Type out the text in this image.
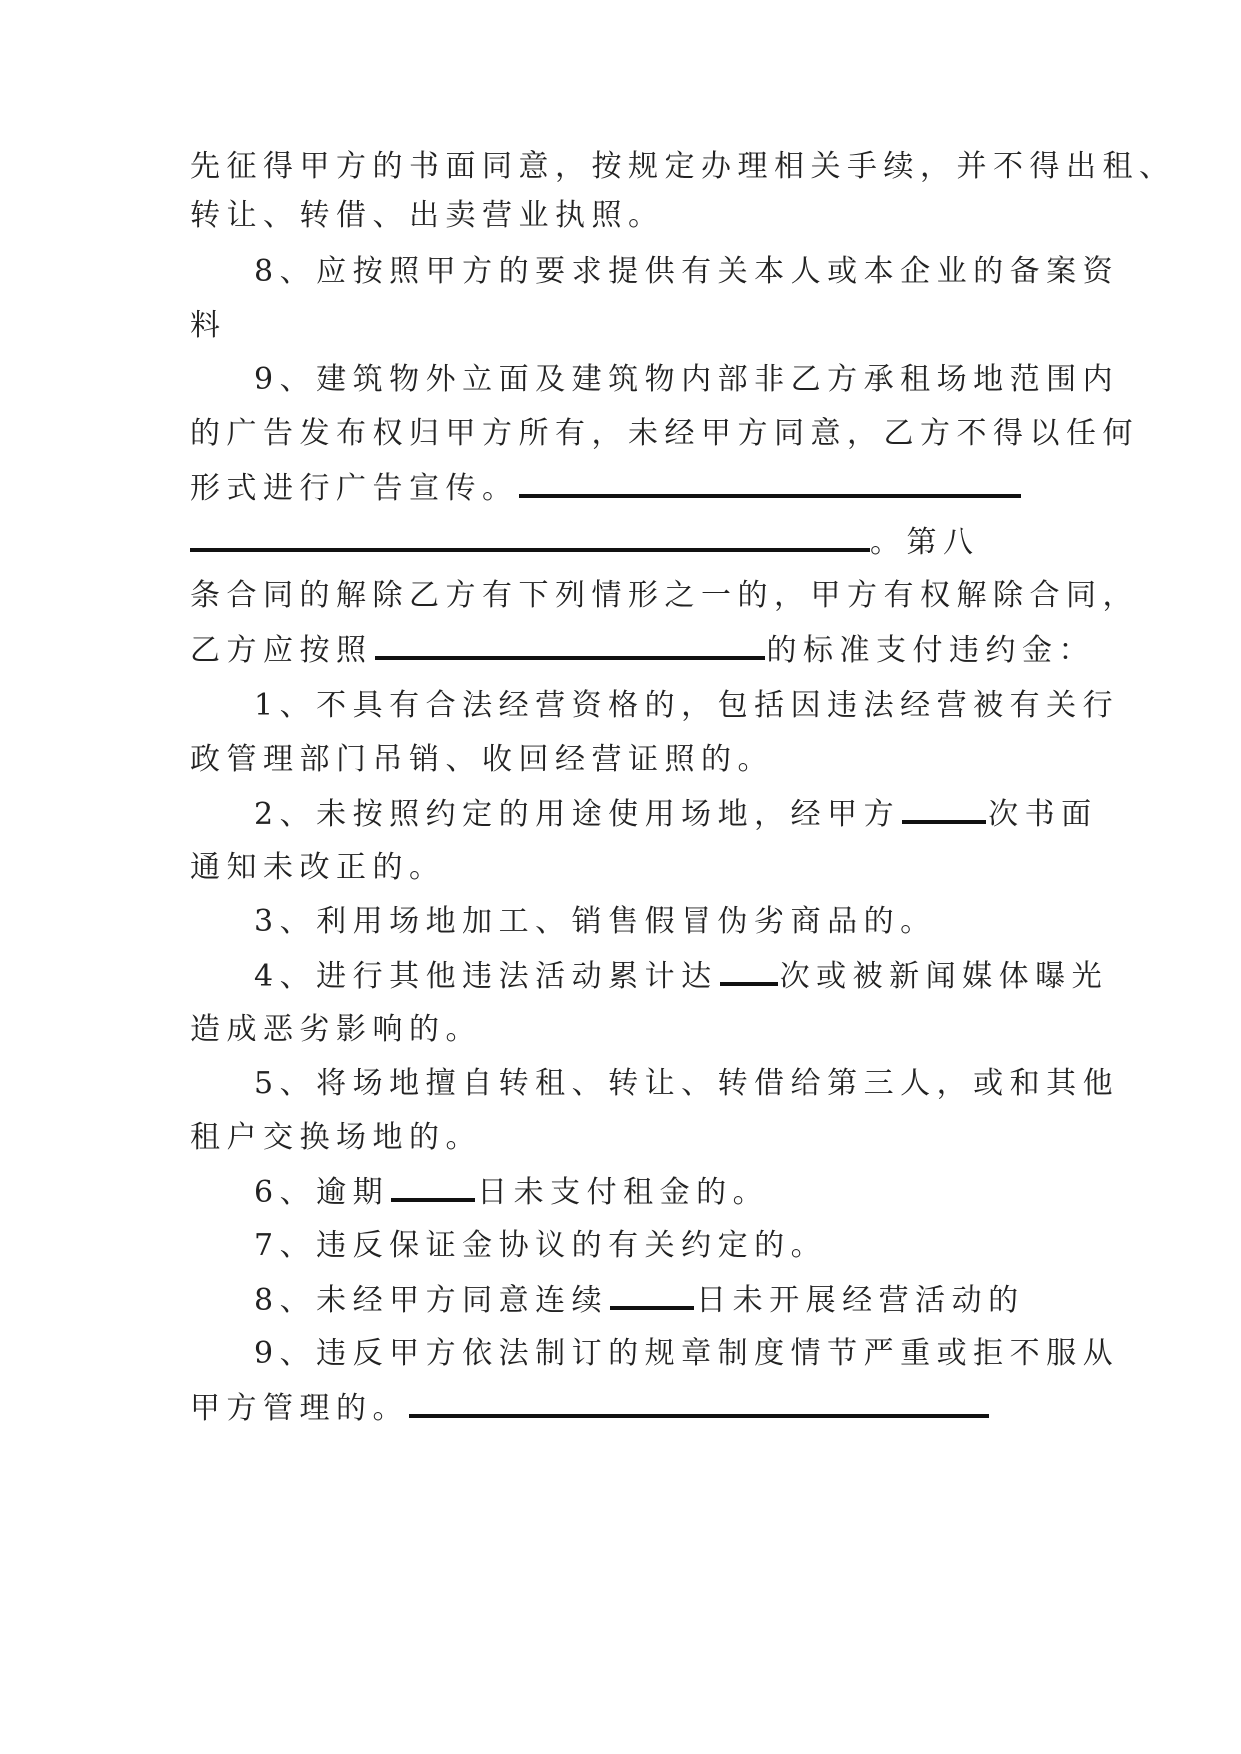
先征得甲方的书面同意，按规定办理相关手续，并不得出租、
转让、转借、出卖营业执照。
8、应按照甲方的要求提供有关本人或本企业的备案资
料
9、建筑物外立面及建筑物内部非乙方承租场地范围内
的广告发布权归甲方所有，未经甲方同意，乙方不得以任何
形式进行广告宣传。
。第八
条合同的解除乙方有下列情形之一的，甲方有权解除合同，
乙方应按照	的标准支付违约金：
1、不具有合法经营资格的，包括因违法经营被有关行
政管理部门吊销、收回经营证照的。
2、未按照约定的用途使用场地，经甲方	次书面
通知未改正的。
3、利用场地加工、销售假冒伪劣商品的。
4、进行其他违法活动累计达 次或被新闻媒体曝光
造成恶劣影响的。
5、将场地擅自转租、转让、转借给第三人，或和其他
租户交换场地的。
6、逾期	日未支付租金的。
7、违反保证金协议的有关约定的。
8、未经甲方同意连续	日未开展经营活动的
9、违反甲方依法制订的规章制度情节严重或拒不服从
甲方管理的。
